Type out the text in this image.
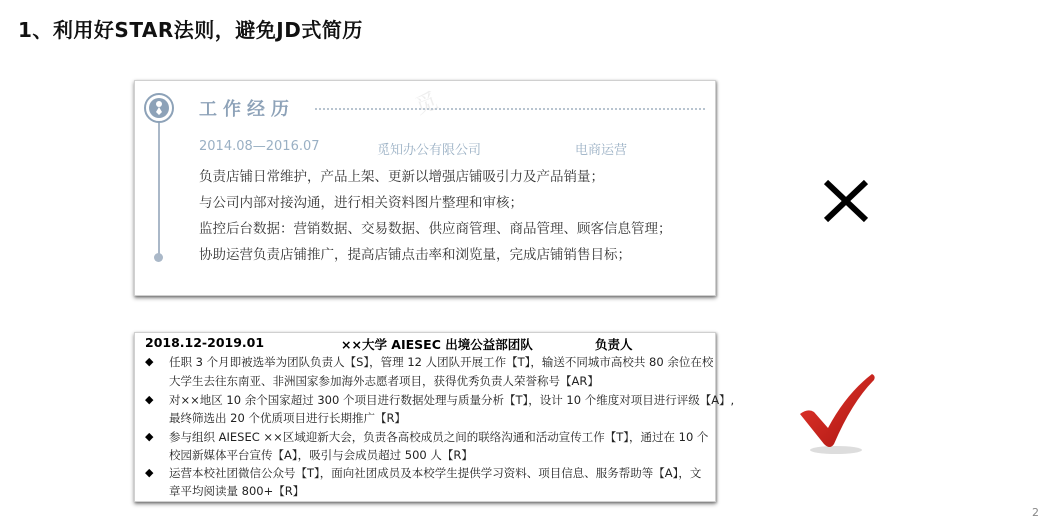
1、利用好STAR法则，避免JD式简历
觅
工作经历
2014.08—2016.07	觅知办公有限公司	电商运营
负责店铺日常维护，产品上架、更新以增强店铺吸引力及产品销量；
与公司内部对接沟通，进行相关资料图片整理和审核；
监控后台数据：营销数据、交易数据、供应商管理、商品管理、顾客信息管理；
协助运营负责店铺推广，提高店铺点击率和浏览量，完成店铺销售目标；
2018.12-2019.01	××大学 AIESEC 出境公益部团队	负责人
◆ 任职 3 个月即被选举为团队负责人【S】，管理 12 人团队开展工作【T】，输送不同城市高校共 80 余位在校
大学生去往东南亚、非洲国家参加海外志愿者项目，获得优秀负责人荣誉称号【AR】
◆ 对××地区 10 余个国家超过 300 个项目进行数据处理与质量分析【T】，设计 10 个维度对项目进行评级【A】,
最终筛选出 20 个优质项目进行长期推广【R】
◆ 参与组织 AIESEC ××区域迎新大会，负责各高校成员之间的联络沟通和活动宣传工作【T】，通过在 10 个
校园新媒体平台宣传【A】，吸引与会成员超过 500 人【R】
◆ 运营本校社团微信公众号【T】，面向社团成员及本校学生提供学习资料、项目信息、服务帮助等【A】，文
章平均阅读量 800+【R】
2
